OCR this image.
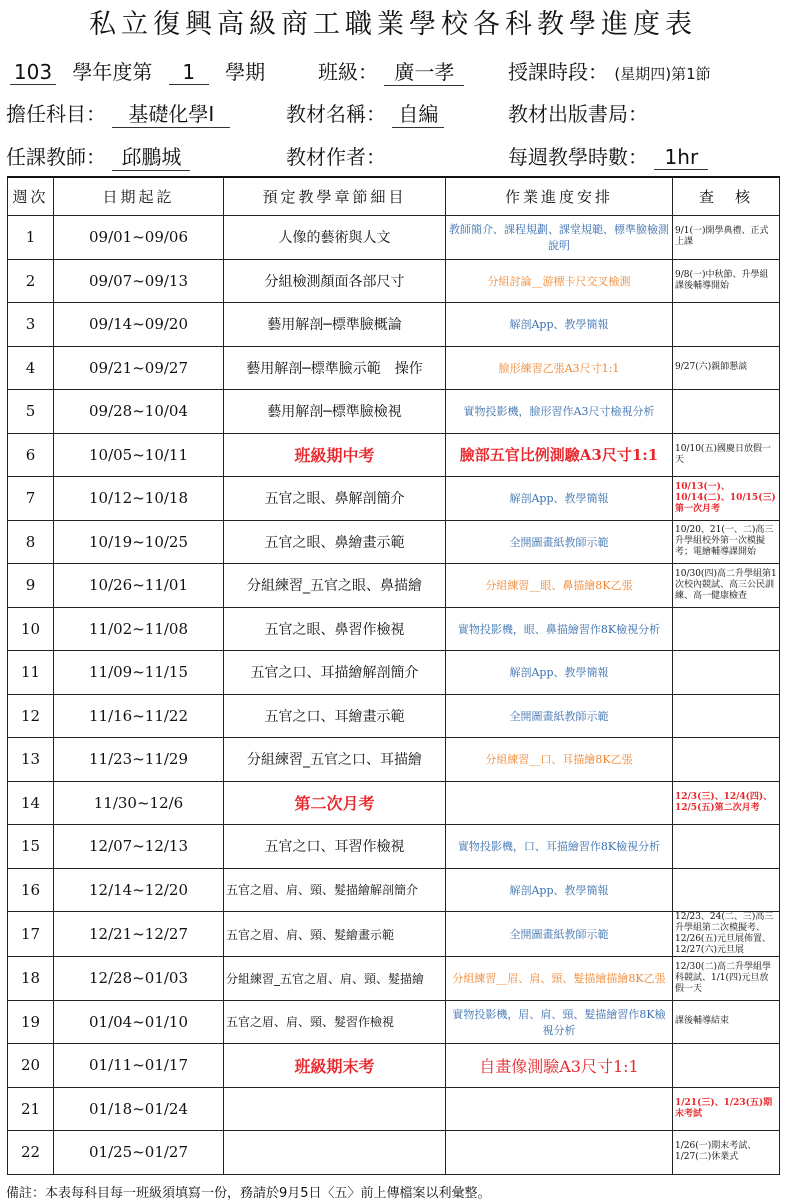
私立復興高級商工職業學校各科教學進度表
103 學年度第 1 學期	班級： 廣一孝	授課時段： (星期四)第1節
擔任科目： 基礎化學Ⅰ	教材名稱： 自編	教材出版書局：
任課教師： 邱鵬城	教材作者：	每週教學時數： 1hr
週次	日期起訖	預定教學章節細目	作業進度安排	查　核
1	09/01~09/06	人像的藝術與人文	教師簡介、課程規劃、課堂規範、標準臉檢測說明	9/1(一)開學典禮、正式上課
2	09/07~09/13	分組檢測顏面各部尺寸	分組討論__游標卡尺交叉檢測	9/8(一)中秋節、升學組課後輔導開始
3	09/14~09/20	藝用解剖─標準臉概論	解剖App、教學簡報	
4	09/21~09/27	藝用解剖─標準臉示範　操作	臉形練習乙張A3尺寸1:1	9/27(六)親師懇談
5	09/28~10/04	藝用解剖─標準臉檢視	實物投影機，臉形習作A3尺寸檢視分析	
6	10/05~10/11	班級期中考	臉部五官比例測驗A3尺寸1:1	10/10(五)國慶日放假一天
7	10/12~10/18	五官之眼、鼻解剖簡介	解剖App、教學簡報	10/13(一)、10/14(二)、10/15(三)第一次月考
8	10/19~10/25	五官之眼、鼻繪畫示範	全開圖畫紙教師示範	10/20、21(一、二)高三升學組校外第一次模擬考；電繪輔導課開始
9	10/26~11/01	分組練習_五官之眼、鼻描繪	分組練習__眼、鼻描繪8K乙張	10/30(四)高二升學組第1次校內競試、高三公民訓練、高一健康檢查
10	11/02~11/08	五官之眼、鼻習作檢視	實物投影機，眼、鼻描繪習作8K檢視分析	
11	11/09~11/15	五官之口、耳描繪解剖簡介	解剖App、教學簡報	
12	11/16~11/22	五官之口、耳繪畫示範	全開圖畫紙教師示範	
13	11/23~11/29	分組練習_五官之口、耳描繪	分組練習__口、耳描繪8K乙張	
14	11/30~12/6	第二次月考		12/3(三)、12/4(四)、12/5(五)第二次月考
15	12/07~12/13	五官之口、耳習作檢視	實物投影機，口、耳描繪習作8K檢視分析	
16	12/14~12/20	五官之眉、肩、頸、髮描繪解剖簡介	解剖App、教學簡報	
17	12/21~12/27	五官之眉、肩、頸、髮繪畫示範	全開圖畫紙教師示範	12/23、24(二、三)高三升學組第二次模擬考、12/26(五)元旦展佈置、12/27(六)元旦展
18	12/28~01/03	分組練習_五官之眉、肩、頸、髮描繪	分組練習__眉、肩、頸、髮描繪描繪8K乙張	12/30(二)高二升學組學科競試、1/1(四)元旦放假一天
19	01/04~01/10	五官之眉、肩、頸、髮習作檢視	實物投影機，眉、肩、頸、髮描繪習作8K檢視分析	課後輔導結束
20	01/11~01/17	班級期末考	自畫像測驗A3尺寸1:1	
21	01/18~01/24			1/21(三)、1/23(五)期末考試
22	01/25~01/27			1/26(一)期末考試、1/27(二)休業式
備註：本表每科目每一班級須填寫一份，務請於9月5日〈五〉前上傳檔案以利彙整。
